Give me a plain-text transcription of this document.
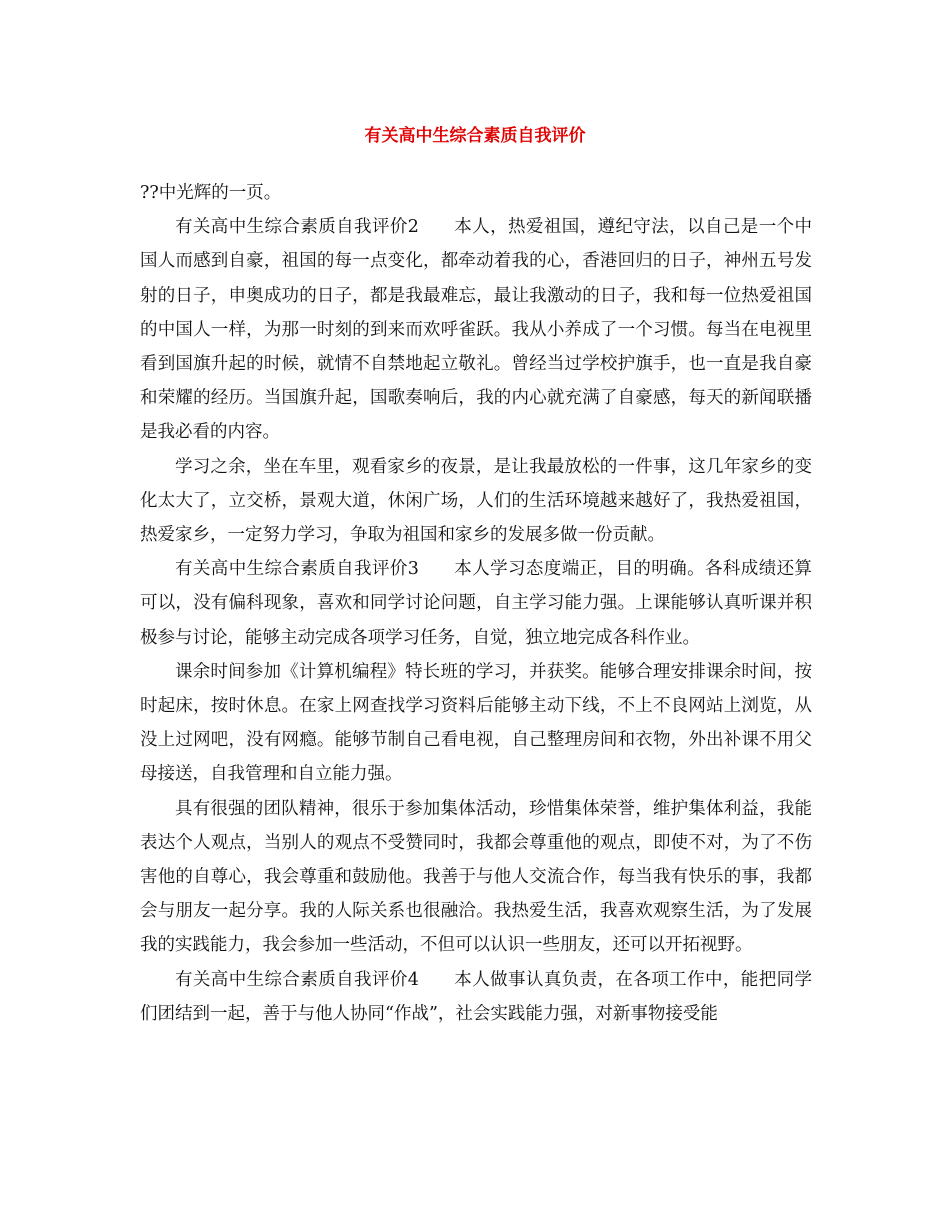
有关高中生综合素质自我评价

??中光辉的一页。

有关高中生综合素质自我评价2 本人，热爱祖国，遵纪守法，以自己是一个中国人而感到自豪，祖国的每一点变化，都牵动着我的心，香港回归的日子，神州五号发射的日子，申奥成功的日子，都是我最难忘，最让我激动的日子，我和每一位热爱祖国的中国人一样，为那一时刻的到来而欢呼雀跃。我从小养成了一个习惯。每当在电视里看到国旗升起的时候，就情不自禁地起立敬礼。曾经当过学校护旗手，也一直是我自豪和荣耀的经历。当国旗升起，国歌奏响后，我的内心就充满了自豪感，每天的新闻联播是我必看的内容。

学习之余，坐在车里，观看家乡的夜景，是让我最放松的一件事，这几年家乡的变化太大了，立交桥，景观大道，休闲广场，人们的生活环境越来越好了，我热爱祖国，热爱家乡，一定努力学习，争取为祖国和家乡的发展多做一份贡献。

有关高中生综合素质自我评价3 本人学习态度端正，目的明确。各科成绩还算可以，没有偏科现象，喜欢和同学讨论问题，自主学习能力强。上课能够认真听课并积极参与讨论，能够主动完成各项学习任务，自觉，独立地完成各科作业。

课余时间参加《计算机编程》特长班的学习，并获奖。能够合理安排课余时间，按时起床，按时休息。在家上网查找学习资料后能够主动下线，不上不良网站上浏览，从没上过网吧，没有网瘾。能够节制自己看电视，自己整理房间和衣物，外出补课不用父母接送，自我管理和自立能力强。

具有很强的团队精神，很乐于参加集体活动，珍惜集体荣誉，维护集体利益，我能表达个人观点，当别人的观点不受赞同时，我都会尊重他的观点，即使不对，为了不伤害他的自尊心，我会尊重和鼓励他。我善于与他人交流合作，每当我有快乐的事，我都会与朋友一起分享。我的人际关系也很融洽。我热爱生活，我喜欢观察生活，为了发展我的实践能力，我会参加一些活动，不但可以认识一些朋友，还可以开拓视野。

有关高中生综合素质自我评价4 本人做事认真负责，在各项工作中，能把同学们团结到一起，善于与他人协同“作战”，社会实践能力强，对新事物接受能
